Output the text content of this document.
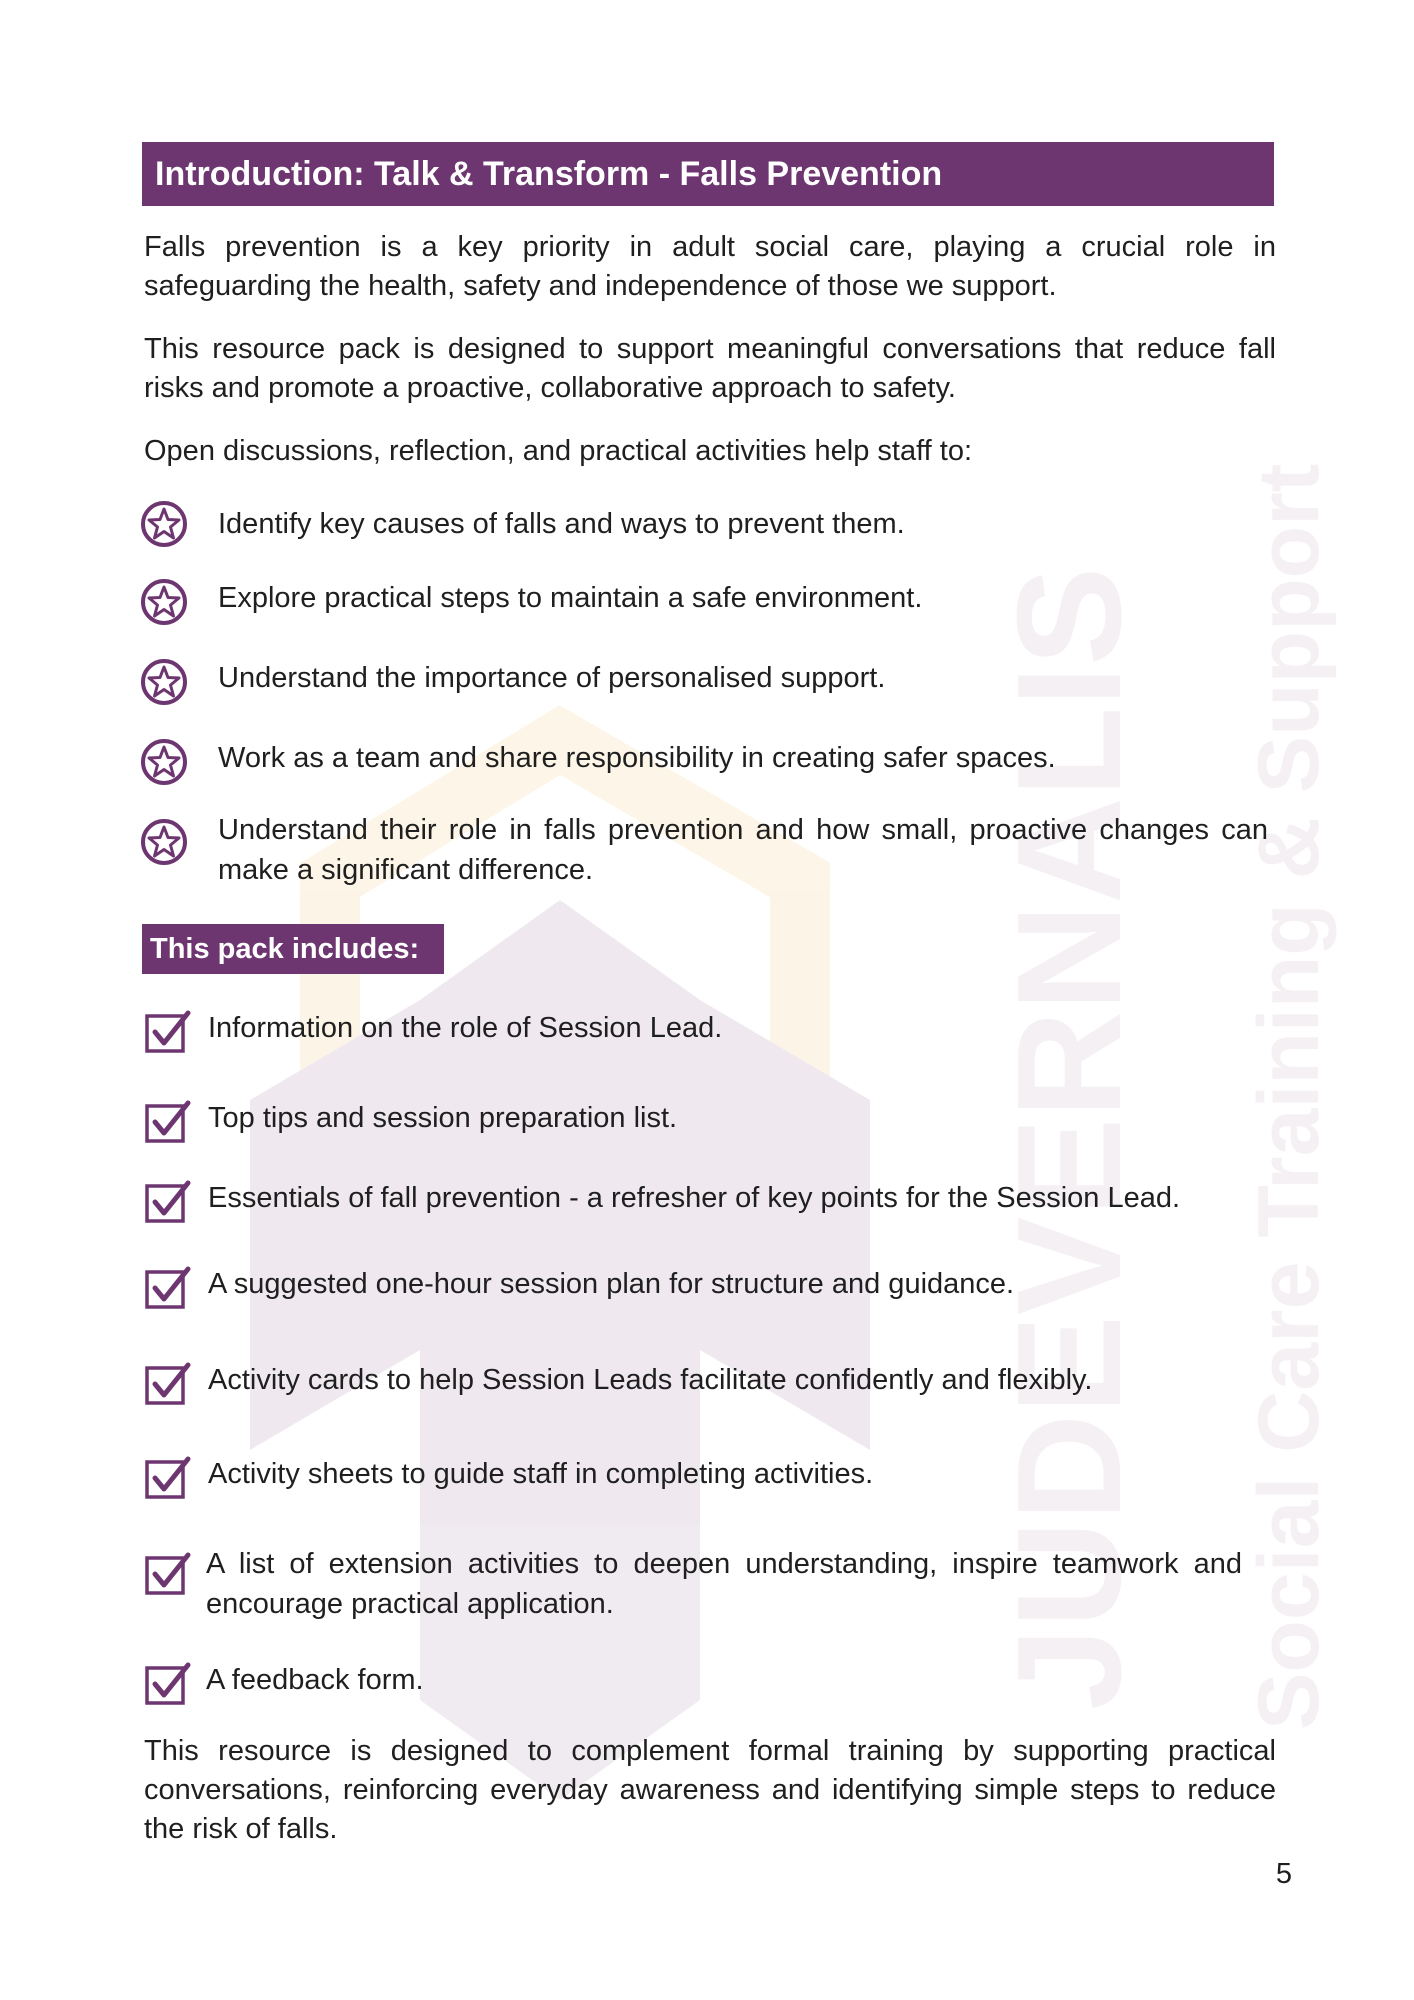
JUDEVERNALIS Social Care Training & Support
Introduction: Talk & Transform - Falls Prevention

Falls prevention is a key priority in adult social care, playing a crucial role in safeguarding the health, safety and independence of those we support.

This resource pack is designed to support meaningful conversations that reduce fall risks and promote a proactive, collaborative approach to safety.

Open discussions, reflection, and practical activities help staff to:

Identify key causes of falls and ways to prevent them.

Explore practical steps to maintain a safe environment.

Understand the importance of personalised support.

Work as a team and share responsibility in creating safer spaces.

Understand their role in falls prevention and how small, proactive changes can make a significant difference.

This pack includes:

Information on the role of Session Lead.

Top tips and session preparation list.

Essentials of fall prevention - a refresher of key points for the Session Lead.

A suggested one-hour session plan for structure and guidance.

Activity cards to help Session Leads facilitate confidently and flexibly.

Activity sheets to guide staff in completing activities.

A list of extension activities to deepen understanding, inspire teamwork and encourage practical application.

A feedback form.

This resource is designed to complement formal training by supporting practical conversations, reinforcing everyday awareness and identifying simple steps to reduce the risk of falls.

5
